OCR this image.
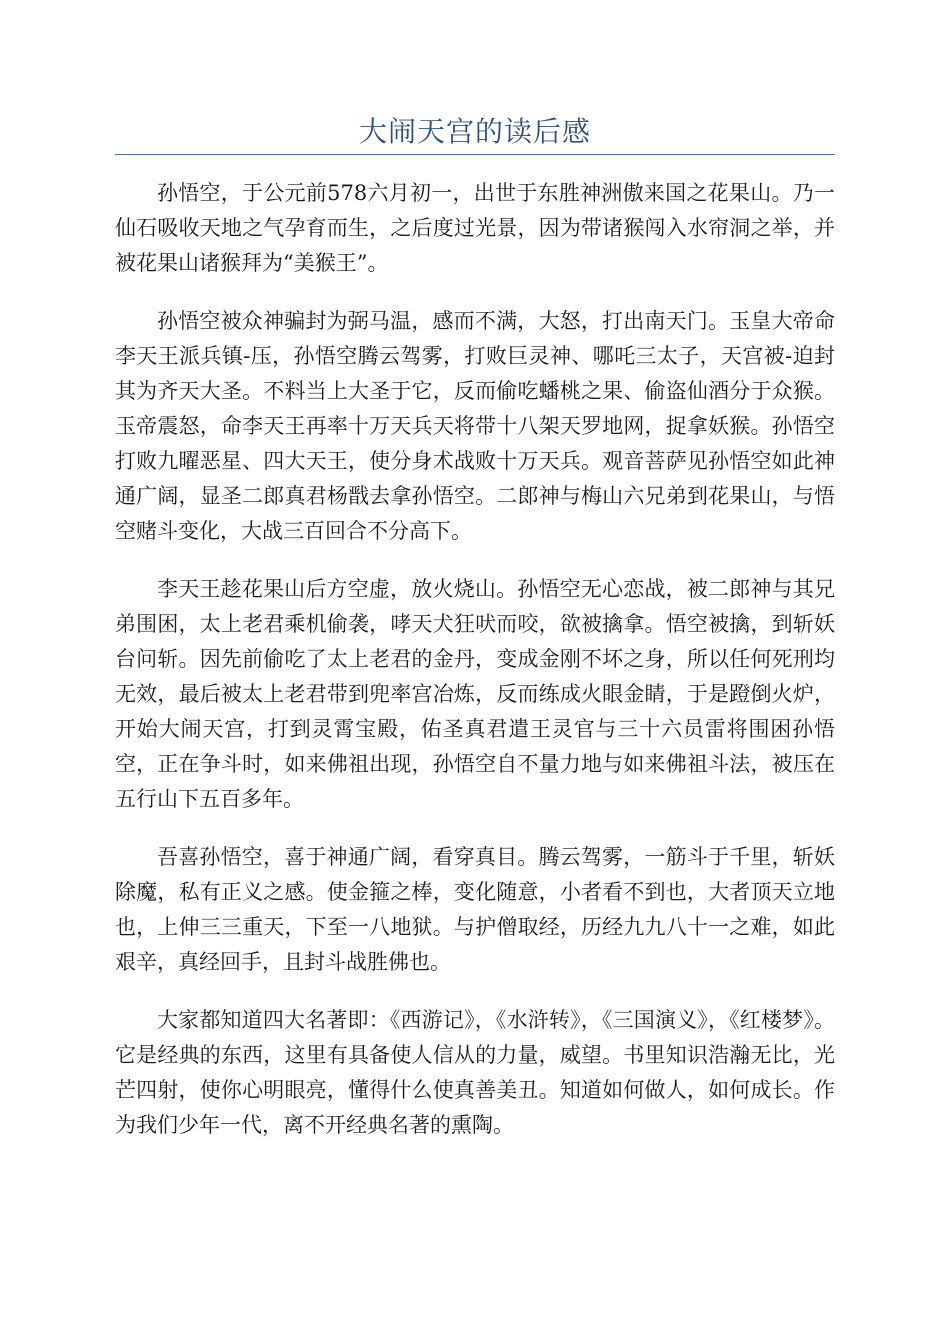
大闹天宫的读后感

孙悟空，于公元前578六月初一，出世于东胜神洲傲来国之花果山。乃一仙石吸收天地之气孕育而生，之后度过光景，因为带诸猴闯入水帘洞之举，并被花果山诸猴拜为“美猴王”。

孙悟空被众神骗封为弼马温，感而不满，大怒，打出南天门。玉皇大帝命李天王派兵镇-压，孙悟空腾云驾雾，打败巨灵神、哪吒三太子，天宫被-迫封其为齐天大圣。不料当上大圣于它，反而偷吃蟠桃之果、偷盗仙酒分于众猴。玉帝震怒，命李天王再率十万天兵天将带十八架天罗地网，捉拿妖猴。孙悟空打败九曜恶星、四大天王，使分身术战败十万天兵。观音菩萨见孙悟空如此神通广阔，显圣二郎真君杨戬去拿孙悟空。二郎神与梅山六兄弟到花果山，与悟空赌斗变化，大战三百回合不分高下。

李天王趁花果山后方空虚，放火烧山。孙悟空无心恋战，被二郎神与其兄弟围困，太上老君乘机偷袭，哮天犬狂吠而咬，欲被擒拿。悟空被擒，到斩妖台问斩。因先前偷吃了太上老君的金丹，变成金刚不坏之身，所以任何死刑均无效，最后被太上老君带到兜率宫冶炼，反而练成火眼金睛，于是蹬倒火炉，开始大闹天宫，打到灵霄宝殿，佑圣真君遣王灵官与三十六员雷将围困孙悟空，正在争斗时，如来佛祖出现，孙悟空自不量力地与如来佛祖斗法，被压在五行山下五百多年。

吾喜孙悟空，喜于神通广阔，看穿真目。腾云驾雾，一筋斗于千里，斩妖除魔，私有正义之感。使金箍之棒，变化随意，小者看不到也，大者顶天立地也，上伸三三重天，下至一八地狱。与护僧取经，历经九九八十一之难，如此艰辛，真经回手，且封斗战胜佛也。

大家都知道四大名著即：《西游记》，《水浒转》，《三国演义》，《红楼梦》。它是经典的东西，这里有具备使人信从的力量，威望。书里知识浩瀚无比，光芒四射，使你心明眼亮，懂得什么使真善美丑。知道如何做人，如何成长。作为我们少年一代，离不开经典名著的熏陶。
